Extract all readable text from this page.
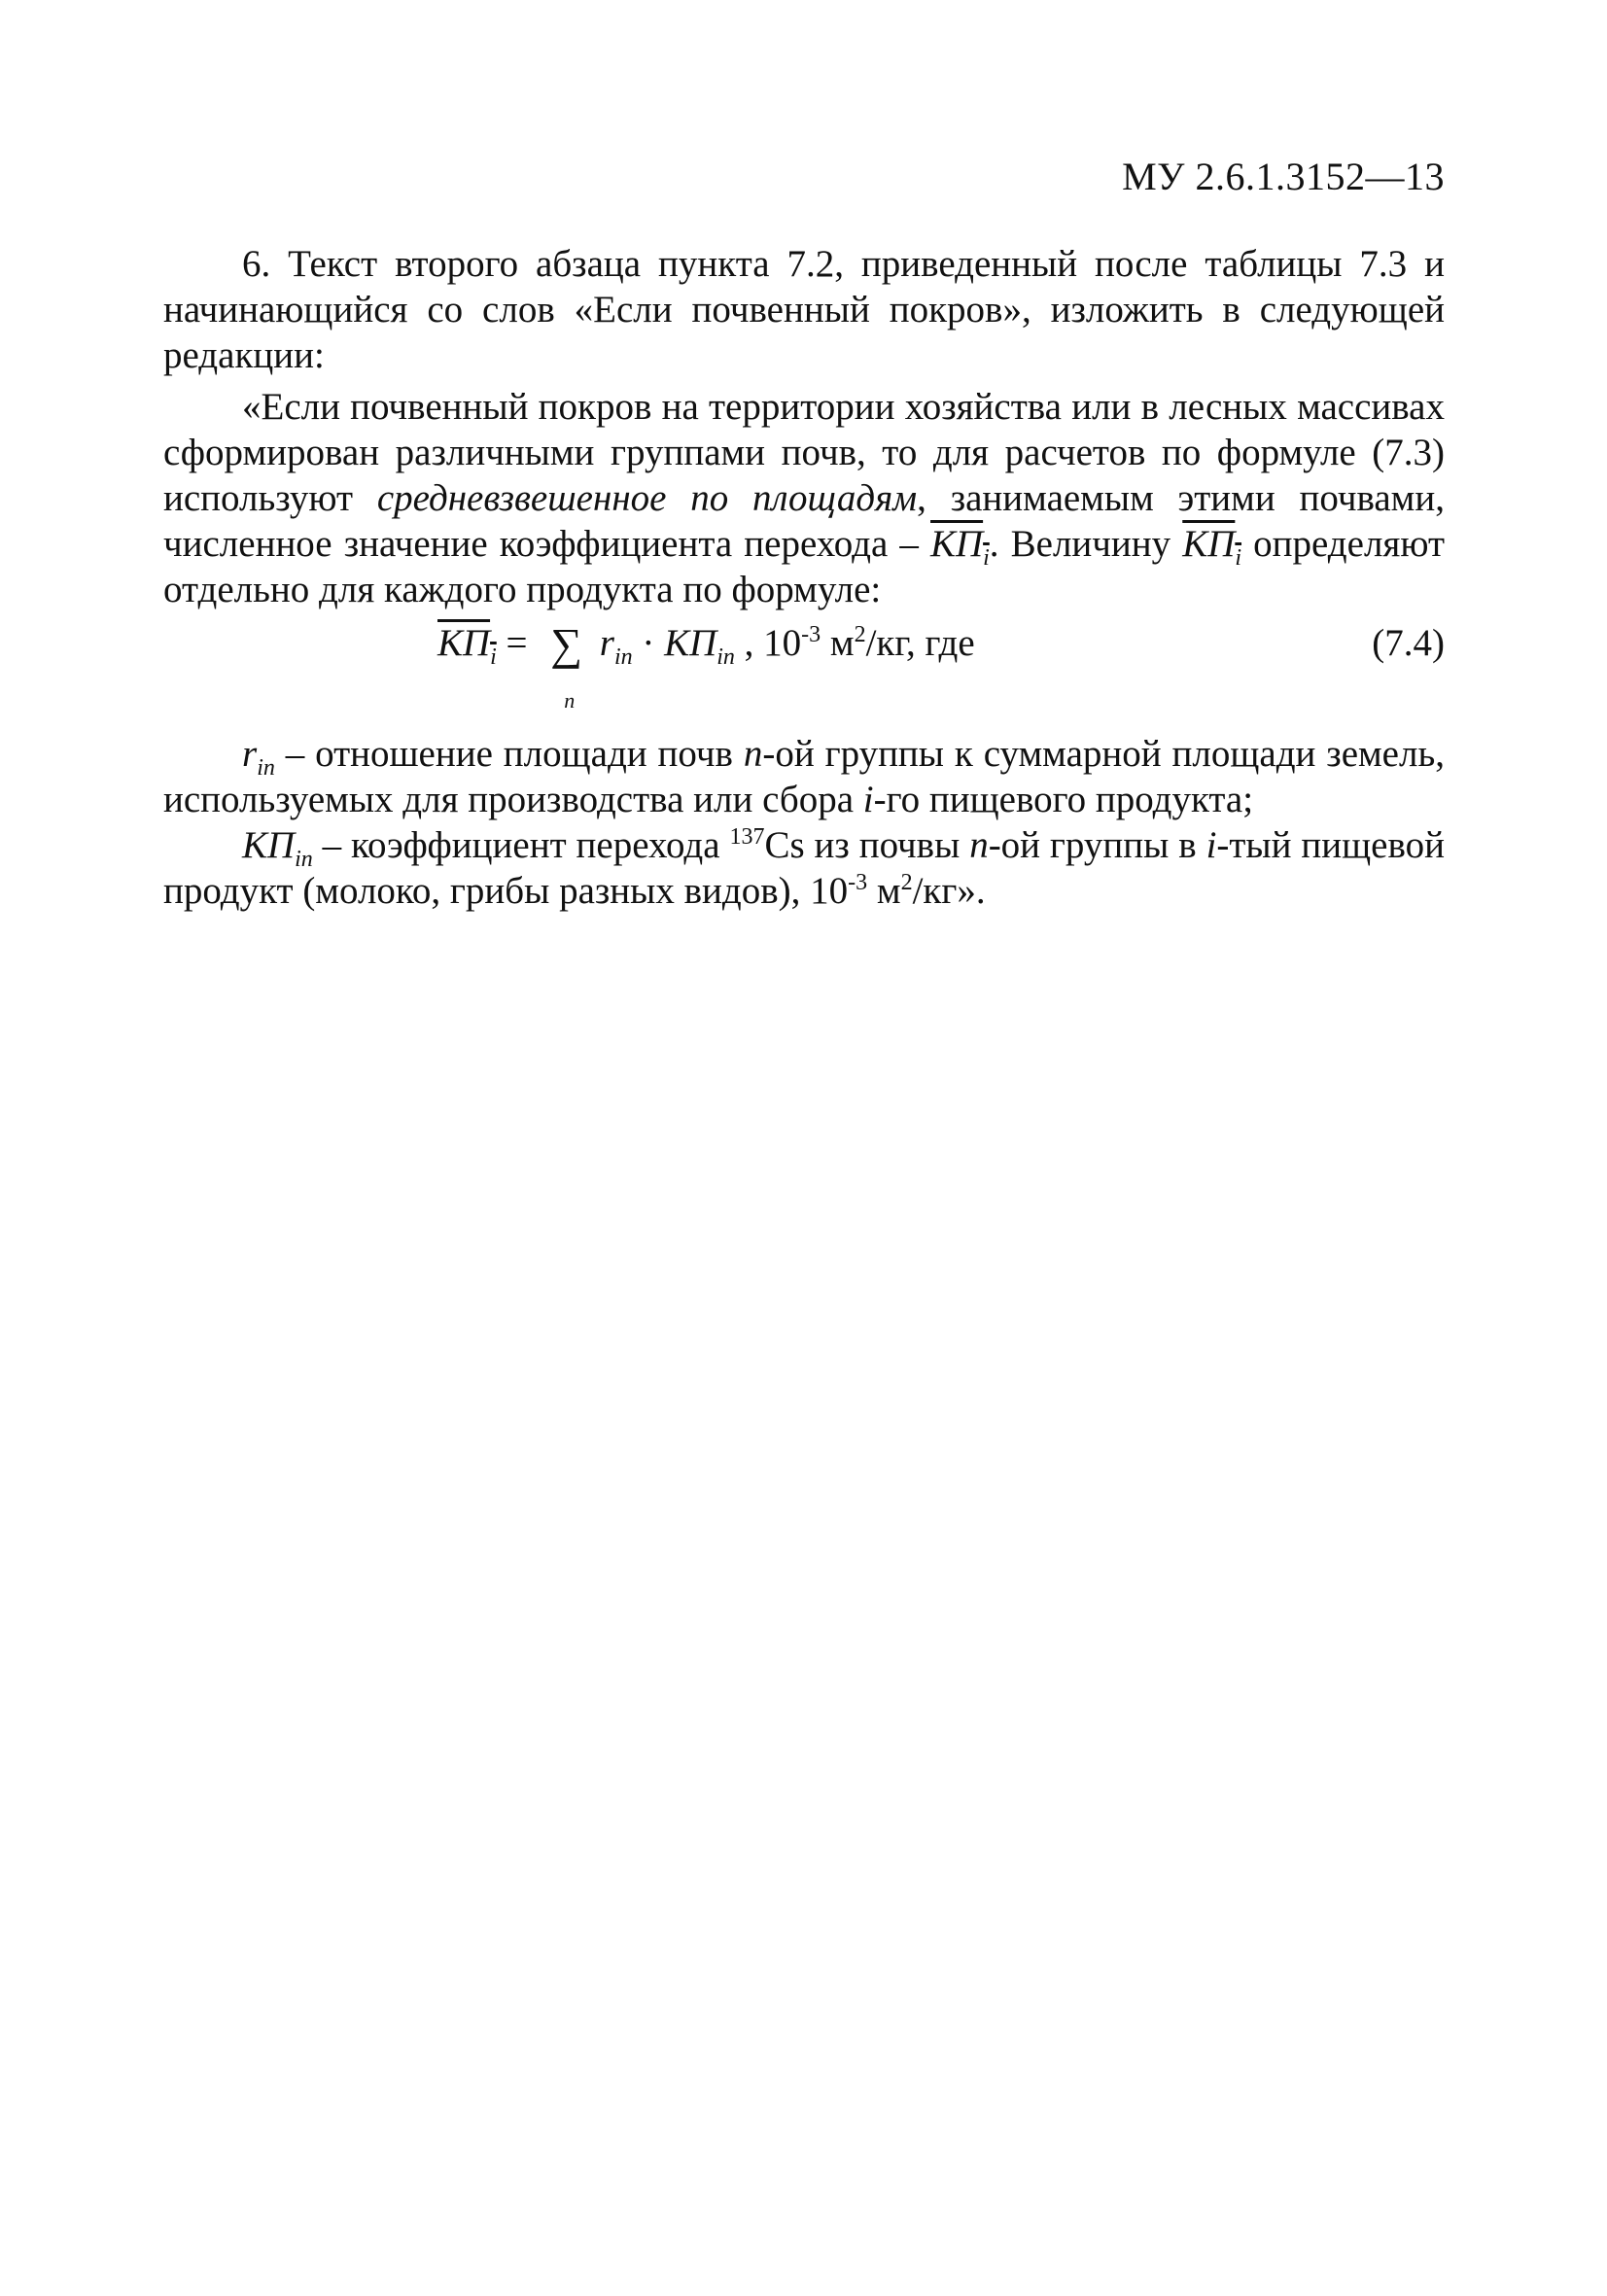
МУ 2.6.1.3152—13

6. Текст второго абзаца пункта 7.2, приведенный после таблицы 7.3 и начинающийся со слов «Если почвенный покров», изложить в следующей редакции:

«Если почвенный покров на территории хозяйства или в лесных массивах сформирован различными группами почв, то для расчетов по формуле (7.3) используют средневзвешенное по площадям, занимаемым этими почвами, численное значение коэффициента перехода – $КП_i$. Величину $КП_i$ определяют отдельно для каждого продукта по формуле:

$КП_i$ = ∑
n
$r_{in} \cdot КП_{in}$ , $10^{-3}$ $м^2/кг$, где	(7.4)

$r_{in}$ – отношение площади почв n-ой группы к суммарной площади земель, используемых для производства или сбора i-го пищевого продукта;

$КП_{in}$ – коэффициент перехода $^{137}$Cs из почвы n-ой группы в i-тый пищевой продукт (молоко, грибы разных видов), $10^{-3}$ $м^2/кг$».
